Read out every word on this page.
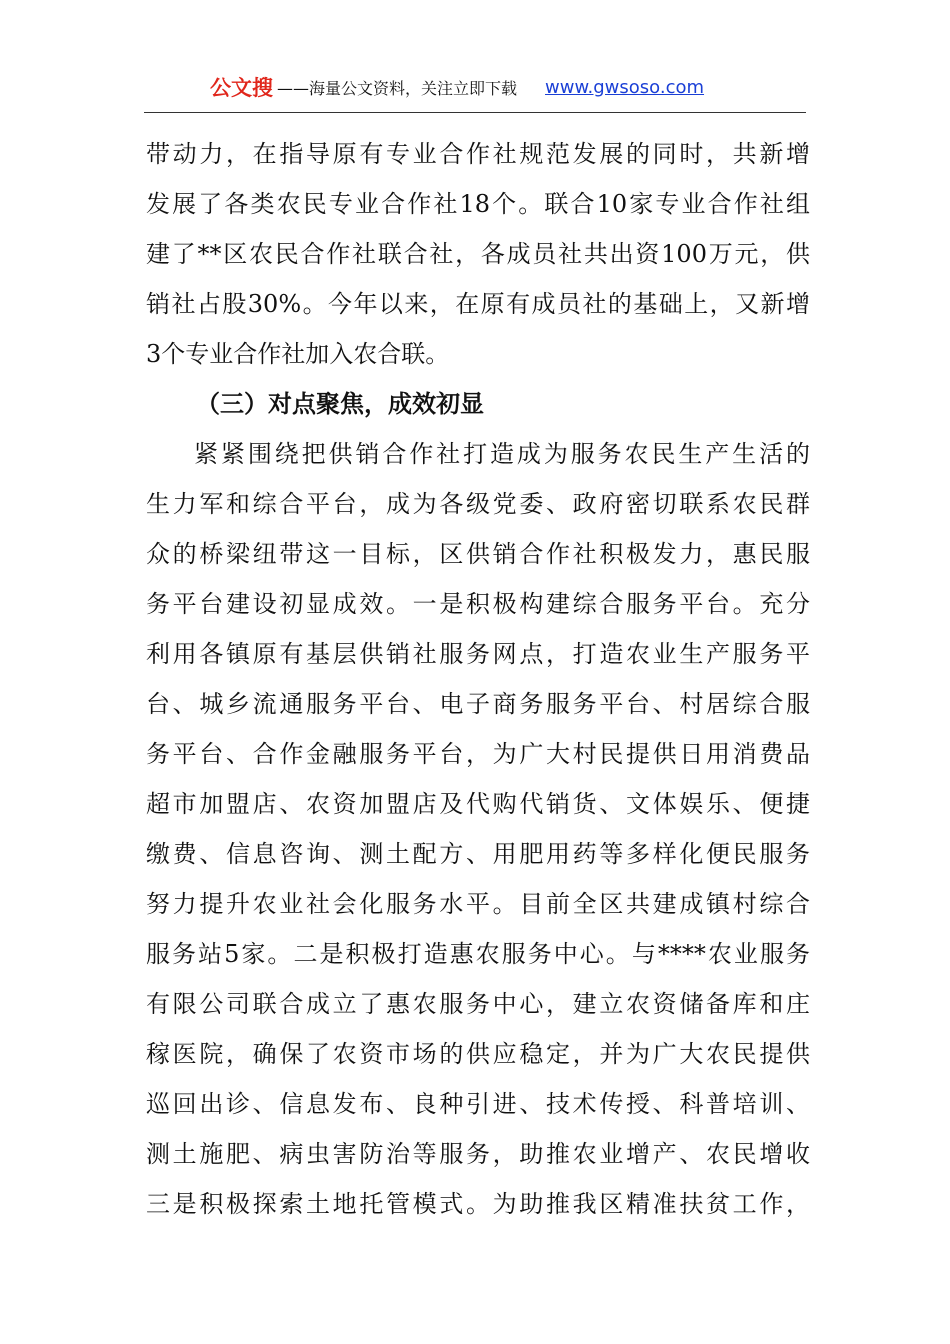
公文搜 ——海量公文资料，关注立即下载 www.gwsoso.com
带动力，在指导原有专业合作社规范发展的同时，共新增
发展了各类农民专业合作社18个。联合10家专业合作社组
建了**区农民合作社联合社，各成员社共出资100万元，供
销社占股30%。今年以来，在原有成员社的基础上，又新增
3个专业合作社加入农合联。
（三）对点聚焦，成效初显
紧紧围绕把供销合作社打造成为服务农民生产生活的
生力军和综合平台，成为各级党委、政府密切联系农民群
众的桥梁纽带这一目标，区供销合作社积极发力，惠民服
务平台建设初显成效。一是积极构建综合服务平台。充分
利用各镇原有基层供销社服务网点，打造农业生产服务平
台、城乡流通服务平台、电子商务服务平台、村居综合服
务平台、合作金融服务平台，为广大村民提供日用消费品
超市加盟店、农资加盟店及代购代销货、文体娱乐、便捷
缴费、信息咨询、测土配方、用肥用药等多样化便民服务
努力提升农业社会化服务水平。目前全区共建成镇村综合
服务站5家。二是积极打造惠农服务中心。与****农业服务
有限公司联合成立了惠农服务中心，建立农资储备库和庄
稼医院，确保了农资市场的供应稳定，并为广大农民提供
巡回出诊、信息发布、良种引进、技术传授、科普培训、
测土施肥、病虫害防治等服务，助推农业增产、农民增收
三是积极探索土地托管模式。为助推我区精准扶贫工作，
